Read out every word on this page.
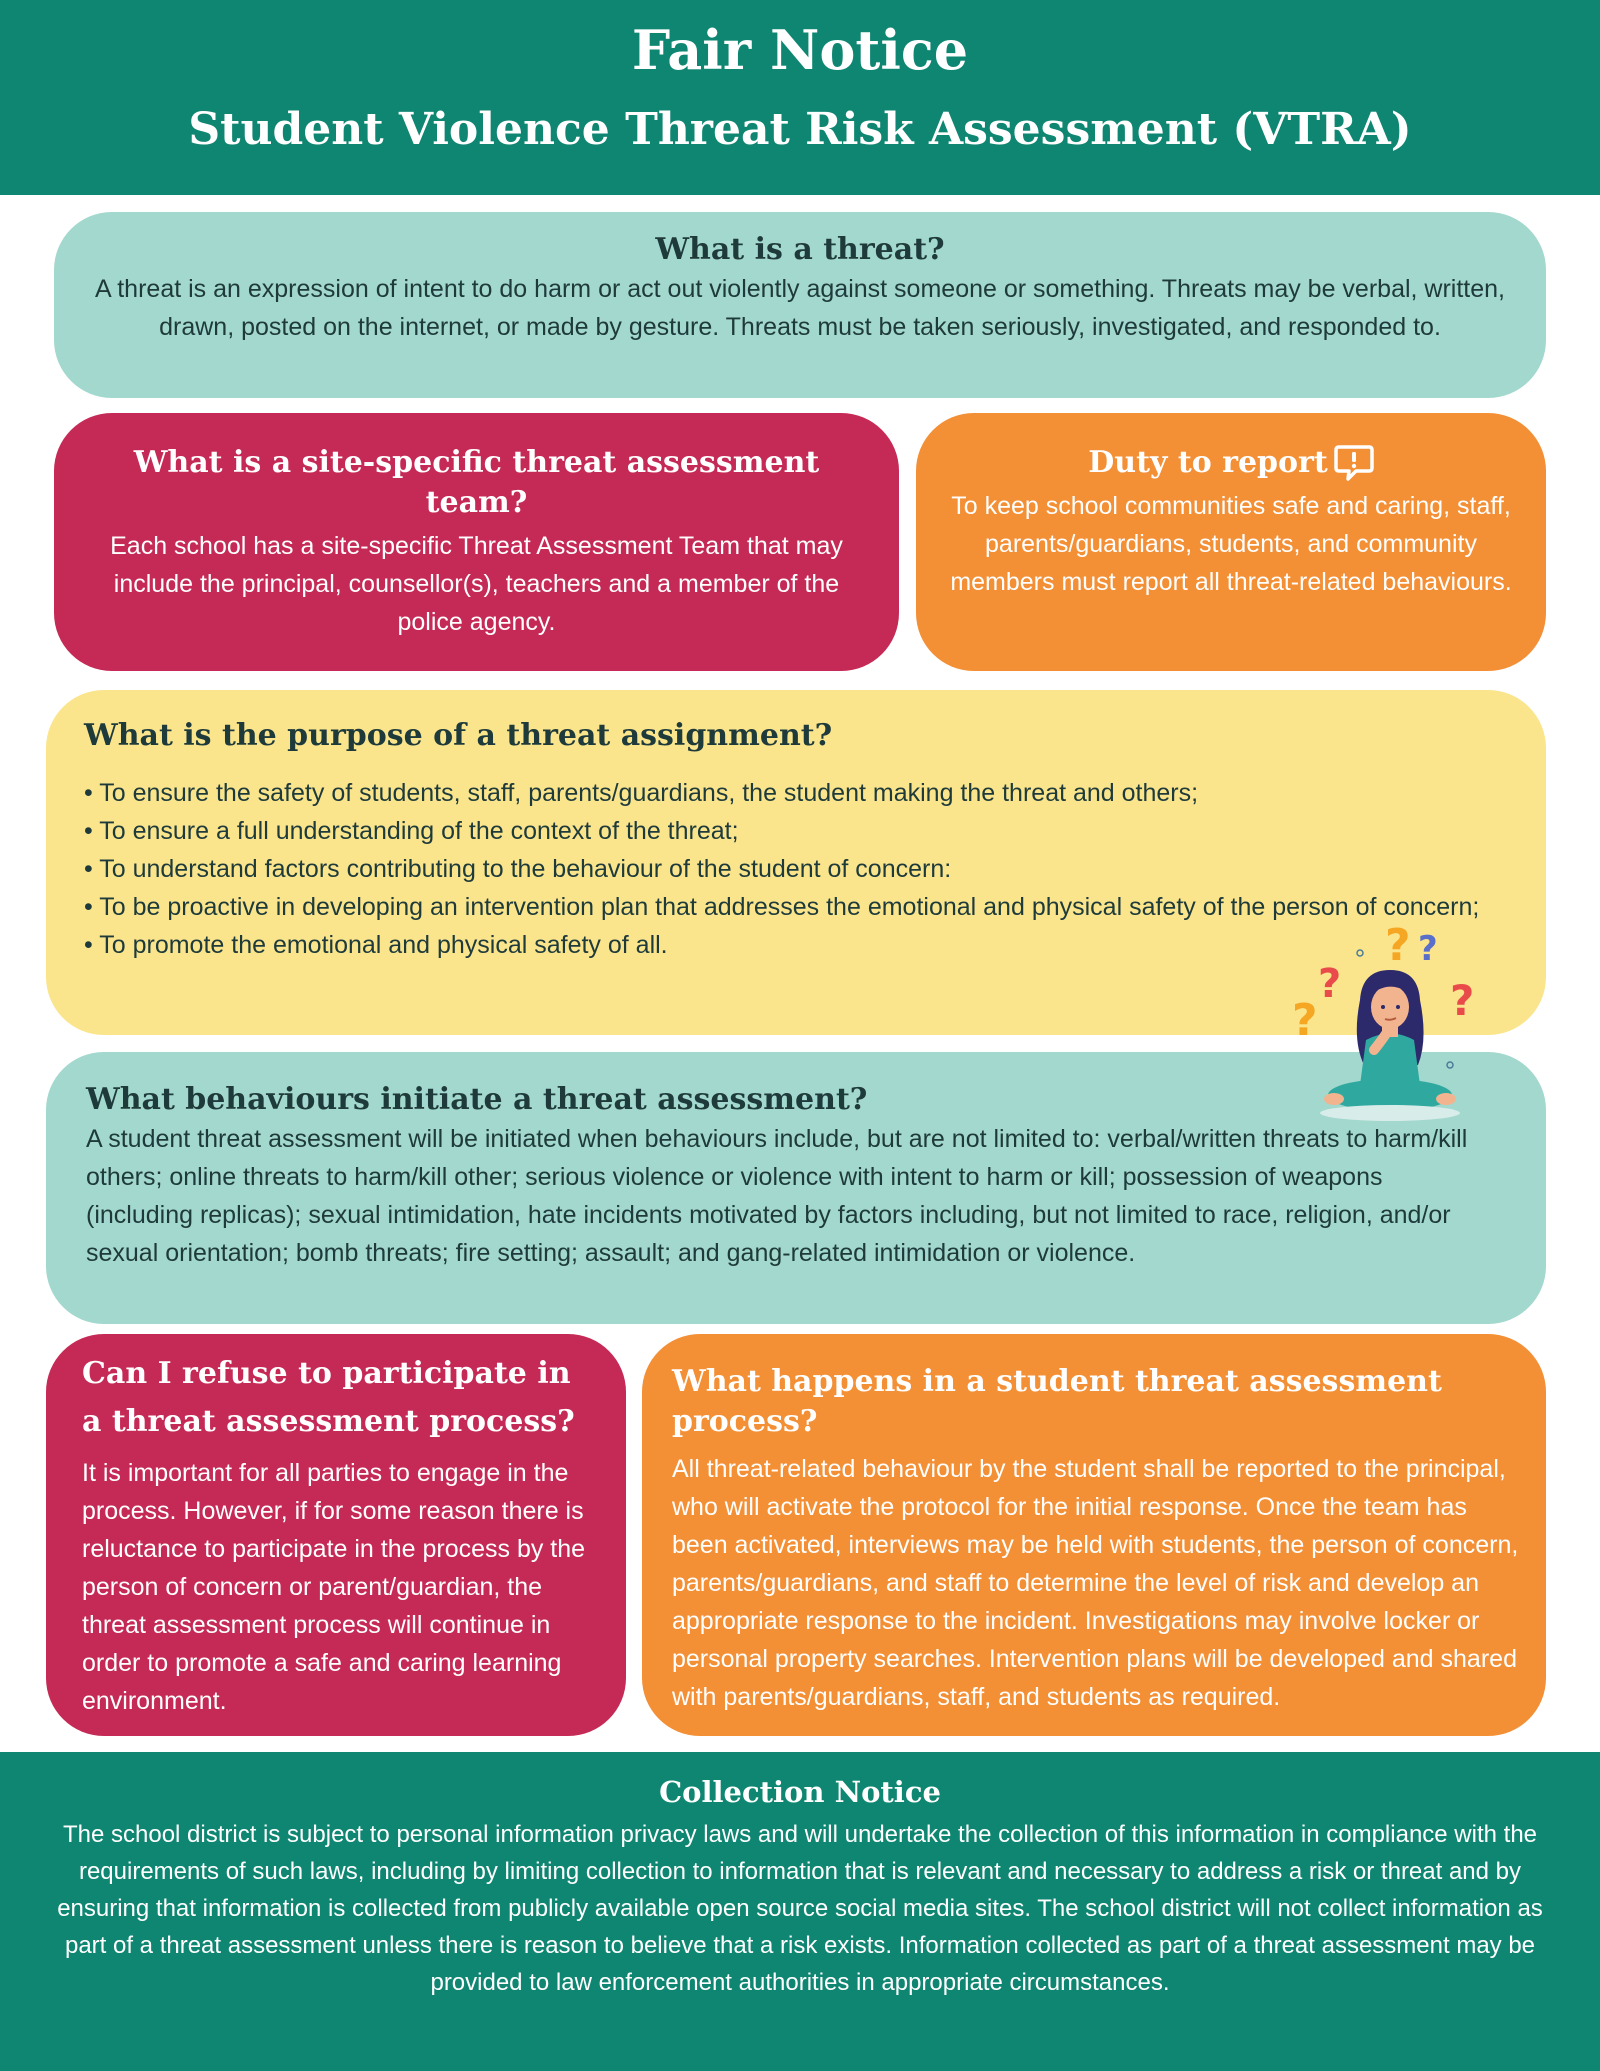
Fair Notice
Student Violence Threat Risk Assessment (VTRA)
What is a threat?

A threat is an expression of intent to do harm or act out violently against someone or something. Threats may be verbal, written, drawn, posted on the internet, or made by gesture. Threats must be taken seriously, investigated, and responded to.

What is a site-specific threat assessment team?

Each school has a site-specific Threat Assessment Team that may include the principal, counsellor(s), teachers and a member of the police agency.

Duty to report

To keep school communities safe and caring, staff, parents/guardians, students, and community members must report all threat-related behaviours.

What is the purpose of a threat assignment?
• To ensure the safety of students, staff, parents/guardians, the student making the threat and others;
• To ensure a full understanding of the context of the threat;
• To understand factors contributing to the behaviour of the student of concern:
• To be proactive in developing an intervention plan that addresses the emotional and physical safety of the person of concern;
• To promote the emotional and physical safety of all.
What behaviours initiate a threat assessment?

A student threat assessment will be initiated when behaviours include, but are not limited to: verbal/written threats to harm/kill others; online threats to harm/kill other; serious violence or violence with intent to harm or kill; possession of weapons (including replicas); sexual intimidation, hate incidents motivated by factors including, but not limited to race, religion, and/or sexual orientation; bomb threats; fire setting; assault; and gang-related intimidation or violence.

? ?
?	?
?
Can I refuse to participate in a threat assessment process?

It is important for all parties to engage in the process. However, if for some reason there is reluctance to participate in the process by the person of concern or parent/guardian, the threat assessment process will continue in order to promote a safe and caring learning environment.

What happens in a student threat assessment process?

All threat-related behaviour by the student shall be reported to the principal, who will activate the protocol for the initial response. Once the team has been activated, interviews may be held with students, the person of concern, parents/guardians, and staff to determine the level of risk and develop an appropriate response to the incident. Investigations may involve locker or personal property searches. Intervention plans will be developed and shared with parents/guardians, staff, and students as required.

Collection Notice

The school district is subject to personal information privacy laws and will undertake the collection of this information in compliance with the requirements of such laws, including by limiting collection to information that is relevant and necessary to address a risk or threat and by ensuring that information is collected from publicly available open source social media sites. The school district will not collect information as part of a threat assessment unless there is reason to believe that a risk exists. Information collected as part of a threat assessment may be provided to law enforcement authorities in appropriate circumstances.
